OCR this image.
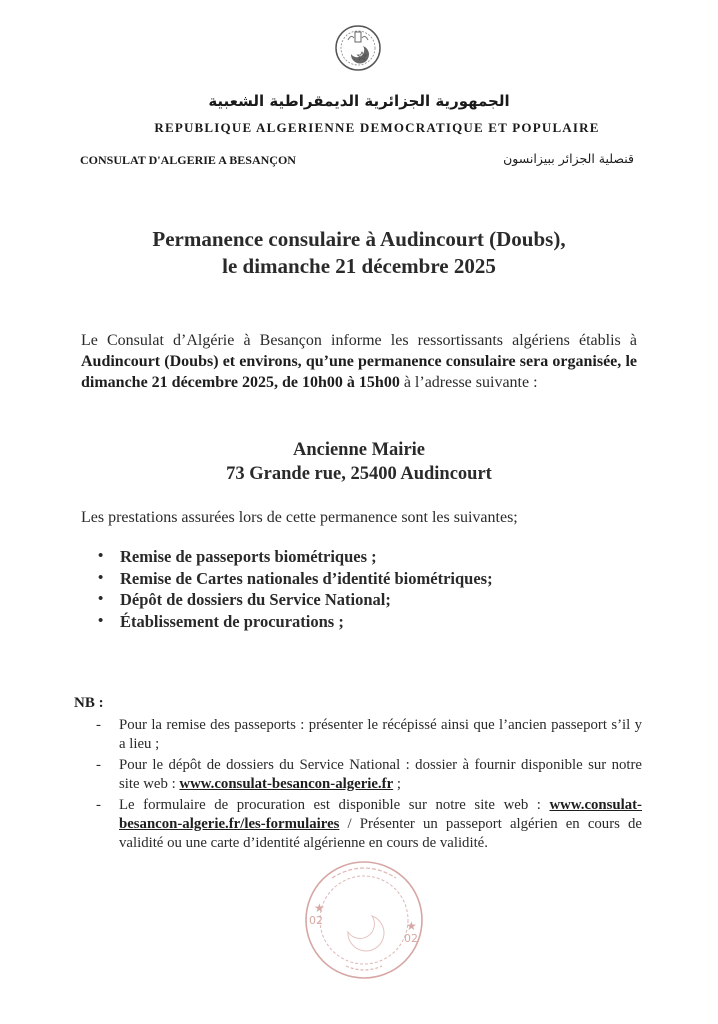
الجمهورية الجزائرية الديمقراطية الشعبية
REPUBLIQUE ALGERIENNE DEMOCRATIQUE ET POPULAIRE
CONSULAT D'ALGERIE A BESANÇON	قنصلية الجزائر ببيزانسون
Permanence consulaire à Audincourt (Doubs),
le dimanche 21 décembre 2025
Le Consulat d’Algérie à Besançon informe les ressortissants algériens établis à Audincourt (Doubs) et environs, qu’une permanence consulaire sera organisée, le dimanche 21 décembre 2025, de 10h00 à 15h00 à l’adresse suivante :
Ancienne Mairie
73 Grande rue, 25400 Audincourt
Les prestations assurées lors de cette permanence sont les suivantes;
• Remise de passeports biométriques ;
• Remise de Cartes nationales d’identité biométriques;
• Dépôt de dossiers du Service National;
• Établissement de procurations ;
NB :
- Pour la remise des passeports : présenter le récépissé ainsi que l’ancien passeport s’il y a lieu ;
- Pour le dépôt de dossiers du Service National : dossier à fournir disponible sur notre site web : www.consulat-besancon-algerie.fr ;
- Le formulaire de procuration est disponible sur notre site web : www.consulat-besancon-algerie.fr/les-formulaires / Présenter un passeport algérien en cours de validité ou une carte d’identité algérienne en cours de validité.
02
02
★
★
